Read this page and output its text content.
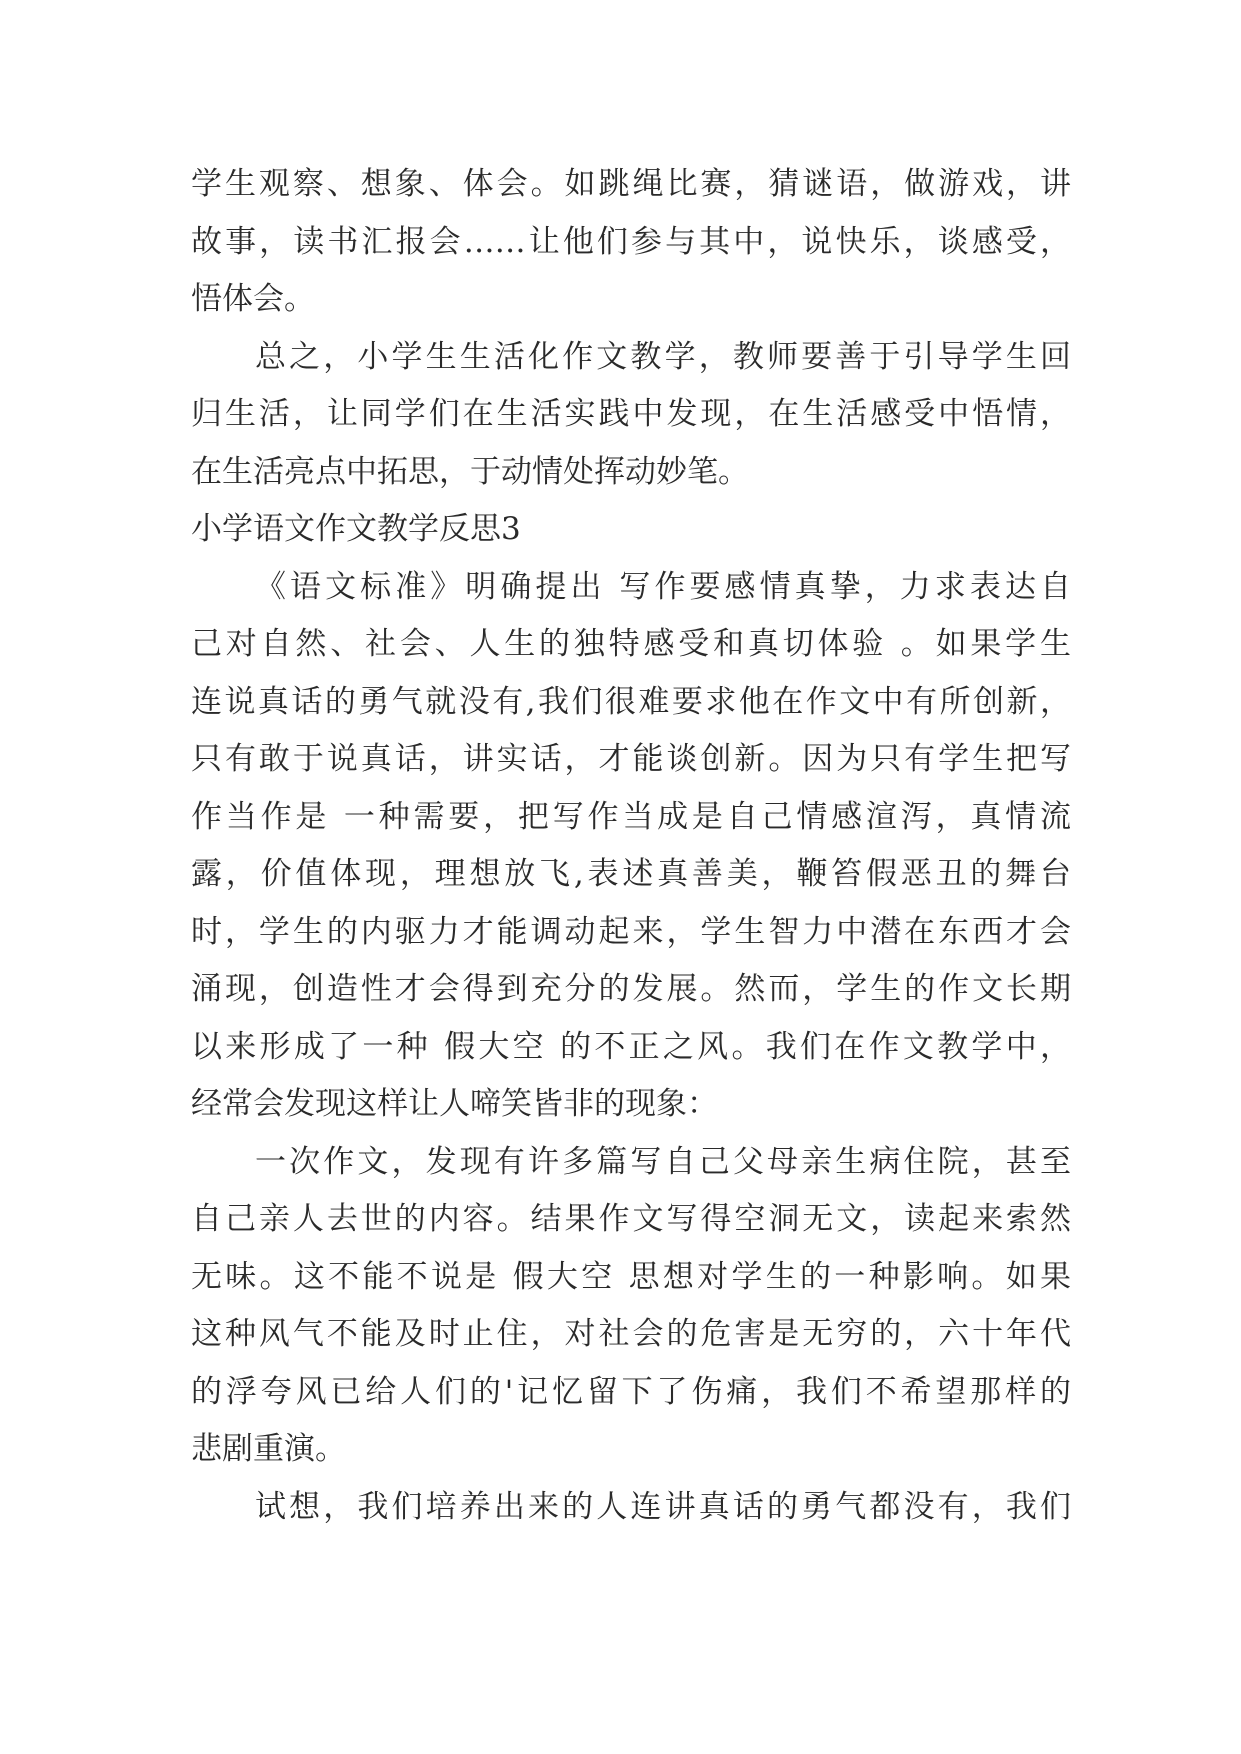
学生观察、想象、体会。如跳绳比赛，猜谜语，做游戏，讲
故事，读书汇报会……让他们参与其中，说快乐，谈感受，
悟体会。
总之，小学生生活化作文教学，教师要善于引导学生回
归生活，让同学们在生活实践中发现，在生活感受中悟情，
在生活亮点中拓思，于动情处挥动妙笔。
小学语文作文教学反思3
《语文标准》明确提出 写作要感情真挚，力求表达自
己对自然、社会、人生的独特感受和真切体验 。如果学生
连说真话的勇气就没有,我们很难要求他在作文中有所创新，
只有敢于说真话，讲实话，才能谈创新。因为只有学生把写
作当作是 一种需要，把写作当成是自己情感渲泻，真情流
露，价值体现，理想放飞,表述真善美，鞭笞假恶丑的舞台
时，学生的内驱力才能调动起来，学生智力中潜在东西才会
涌现，创造性才会得到充分的发展。然而，学生的作文长期
以来形成了一种 假大空 的不正之风。我们在作文教学中，
经常会发现这样让人啼笑皆非的现象：
一次作文，发现有许多篇写自己父母亲生病住院，甚至
自己亲人去世的内容。结果作文写得空洞无文，读起来索然
无味。这不能不说是 假大空 思想对学生的一种影响。如果
这种风气不能及时止住，对社会的危害是无穷的，六十年代
的浮夸风已给人们的'记忆留下了伤痛，我们不希望那样的
悲剧重演。
试想，我们培养出来的人连讲真话的勇气都没有，我们
